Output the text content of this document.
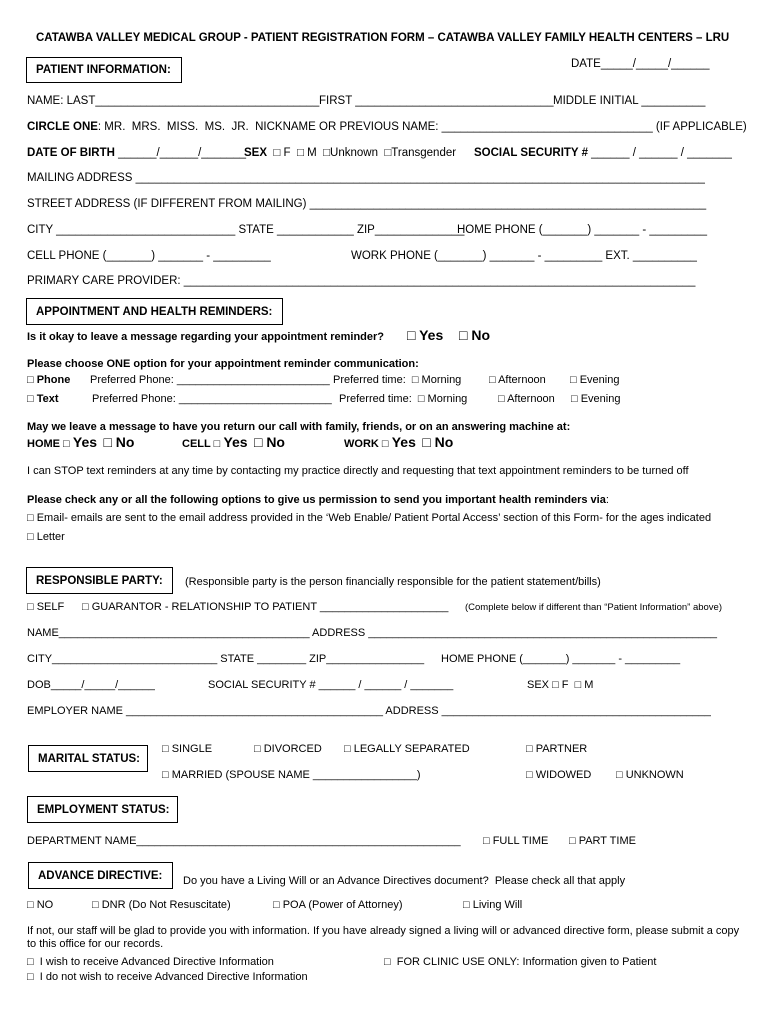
CATAWBA VALLEY MEDICAL GROUP - PATIENT REGISTRATION FORM – CATAWBA VALLEY FAMILY HEALTH CENTERS – LRU
PATIENT INFORMATION:	DATE_____/_____/______
NAME: LAST___________________________________ FIRST _______________________________ MIDDLE INITIAL __________
CIRCLE ONE: MR.  MRS.  MISS.  MS.  JR.  NICKNAME OR PREVIOUS NAME: _________________________________ (IF APPLICABLE)
DATE OF BIRTH ______/______/_______
SEX □ F  □ M  □Unknown  □Transgender SOCIAL SECURITY # ______ / ______ / _______
MAILING ADDRESS _________________________________________________________________________________________
STREET ADDRESS (IF DIFFERENT FROM MAILING) ______________________________________________________________
CITY ____________________________ STATE ____________ ZIP______________
HOME PHONE (_______) _______ - _________
CELL PHONE (_______) _______ - _________	WORK PHONE (_______) _______ - _________ EXT. __________
PRIMARY CARE PROVIDER: ________________________________________________________________________________
APPOINTMENT AND HEALTH REMINDERS:
Is it okay to leave a message regarding your appointment reminder? □ Yes □ No
Please choose ONE option for your appointment reminder communication:
□ Phone Preferred Phone: _________________________ Preferred time:  □ Morning	□ Afternoon □ Evening
□ Text	Preferred Phone: _________________________ Preferred time:  □ Morning	□ Afternoon □ Evening
May we leave a message to have you return our call with family, friends, or on an answering machine at:
HOME □ Yes □ No	CELL □ Yes □ No	WORK □ Yes □ No
I can STOP text reminders at any time by contacting my practice directly and requesting that text appointment reminders to be turned off
Please check any or all the following options to give us permission to send you important health reminders via:
□ Email- emails are sent to the email address provided in the ‘Web Enable/ Patient Portal Access’ section of this Form- for the ages indicated
□ Letter
RESPONSIBLE PARTY:	(Responsible party is the person financially responsible for the patient statement/bills)
□ SELF □ GUARANTOR - RELATIONSHIP TO PATIENT _____________________ (Complete below if different than “Patient Information” above)
NAME_________________________________________ ADDRESS _________________________________________________________
CITY___________________________ STATE ________ ZIP________________ HOME PHONE (_______) _______ - _________
DOB_____/_____/______	SOCIAL SECURITY # ______ / ______ / _______	SEX □ F  □ M
EMPLOYER NAME __________________________________________ ADDRESS ____________________________________________
MARITAL STATUS:
□ SINGLE	□ DIVORCED □ LEGALLY SEPARATED	□ PARTNER
□ MARRIED (SPOUSE NAME _________________)	□ WIDOWED □ UNKNOWN
EMPLOYMENT STATUS:
DEPARTMENT NAME_____________________________________________________ □ FULL TIME □ PART TIME
ADVANCE DIRECTIVE:	Do you have a Living Will or an Advance Directives document?  Please check all that apply
□ NO	□ DNR (Do Not Resuscitate)	□ POA (Power of Attorney)	□ Living Will
If not, our staff will be glad to provide you with information. If you have already signed a living will or advanced directive form, please submit a copy to this office for our records.
□  I wish to receive Advanced Directive Information	□  FOR CLINIC USE ONLY: Information given to Patient
□  I do not wish to receive Advanced Directive Information
